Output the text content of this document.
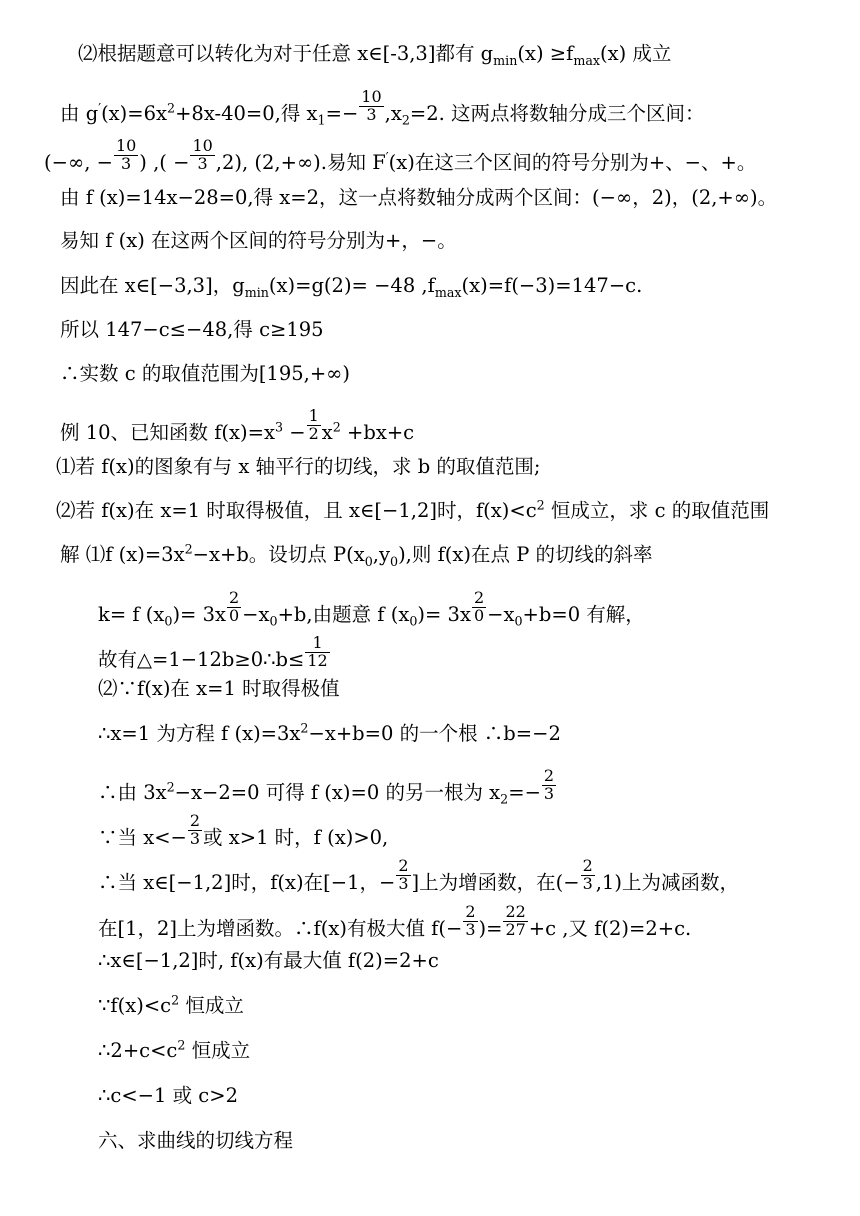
⑵根据题意可以转化为对于任意 x∈[-3,3]都有 $g_{min}(x) \ge f_{max}(x)$ 成立
由 $g'(x)=6x^2+8x-40=0$,得 $x_1=- \frac{10}{3} ,x_2=2$. 这两点将数轴分成三个区间：
(−∞, − $\frac{10}{3}$ ) ,( − $\frac{10}{3} ,2$), (2,+∞).易知 F′(x)在这三个区间的符号分别为+、−、+。
由 f (x)=14x−28=0,得 x=2，这一点将数轴分成两个区间：(−∞，2)，(2,+∞)。
易知 f (x) 在这两个区间的符号分别为+，−。
因此在 x∈[−3,3]，$g_{min}(x)=g(2)= -48$ $,f_{max}(x)=f(-3)=147-c$.
所以 147−c≤−48,得 c≥195
∴实数 c 的取值范围为[195,+∞)
例 10、已知函数 $f(x)=x^3 - \frac{1}{2} x^2 +bx+c$
⑴若 f(x)的图象有与 x 轴平行的切线，求 b 的取值范围;
⑵若 f(x)在 x=1 时取得极值，且 x∈[−1,2]时，$f(x)<c^2$ 恒成立，求 c 的取值范围
解 ⑴f $(x)=3x^2-x+b$。设切点 $P(x_0,y_0)$,则 f(x)在点 P 的切线的斜率
k= f $(x_0)= 3x \frac{2}{0} -x_0+b$,由题意 f $(x_0)= 3x \frac{2}{0} -x_0+b=0$ 有解，
故有△=1−12b≥0∴b≤ $\frac{1}{12}$
⑵∵f(x)在 x=1 时取得极值
∴x=1 为方程 f $(x)=3x^2-x+b=0$ 的一个根 ∴b=−2
∴由 $3x^2-x-2=0$ 可得 f (x)=0 的另一根为 $x_2=- \frac{2}{3}$
∵当 $x<- \frac{2}{3}$ 或 x>1 时，f (x)>0,
∴当 x∈[−1,2]时，f(x)在[−1，− $\frac{2}{3}$ ]上为增函数，在(− $\frac{2}{3} ,1$)上为减函数，
在[1，2]上为增函数。∴f(x)有极大值 $f(- \frac{2}{3}$ )= $\frac{22}{27} +c$ ,又 f(2)=2+c.
∴x∈[−1,2]时, f(x)有最大值 f(2)=2+c
$\because f(x)<c^2$ 恒成立
$\therefore 2+c<c^2$ 恒成立
∴c<−1 或 c>2
六、求曲线的切线方程
